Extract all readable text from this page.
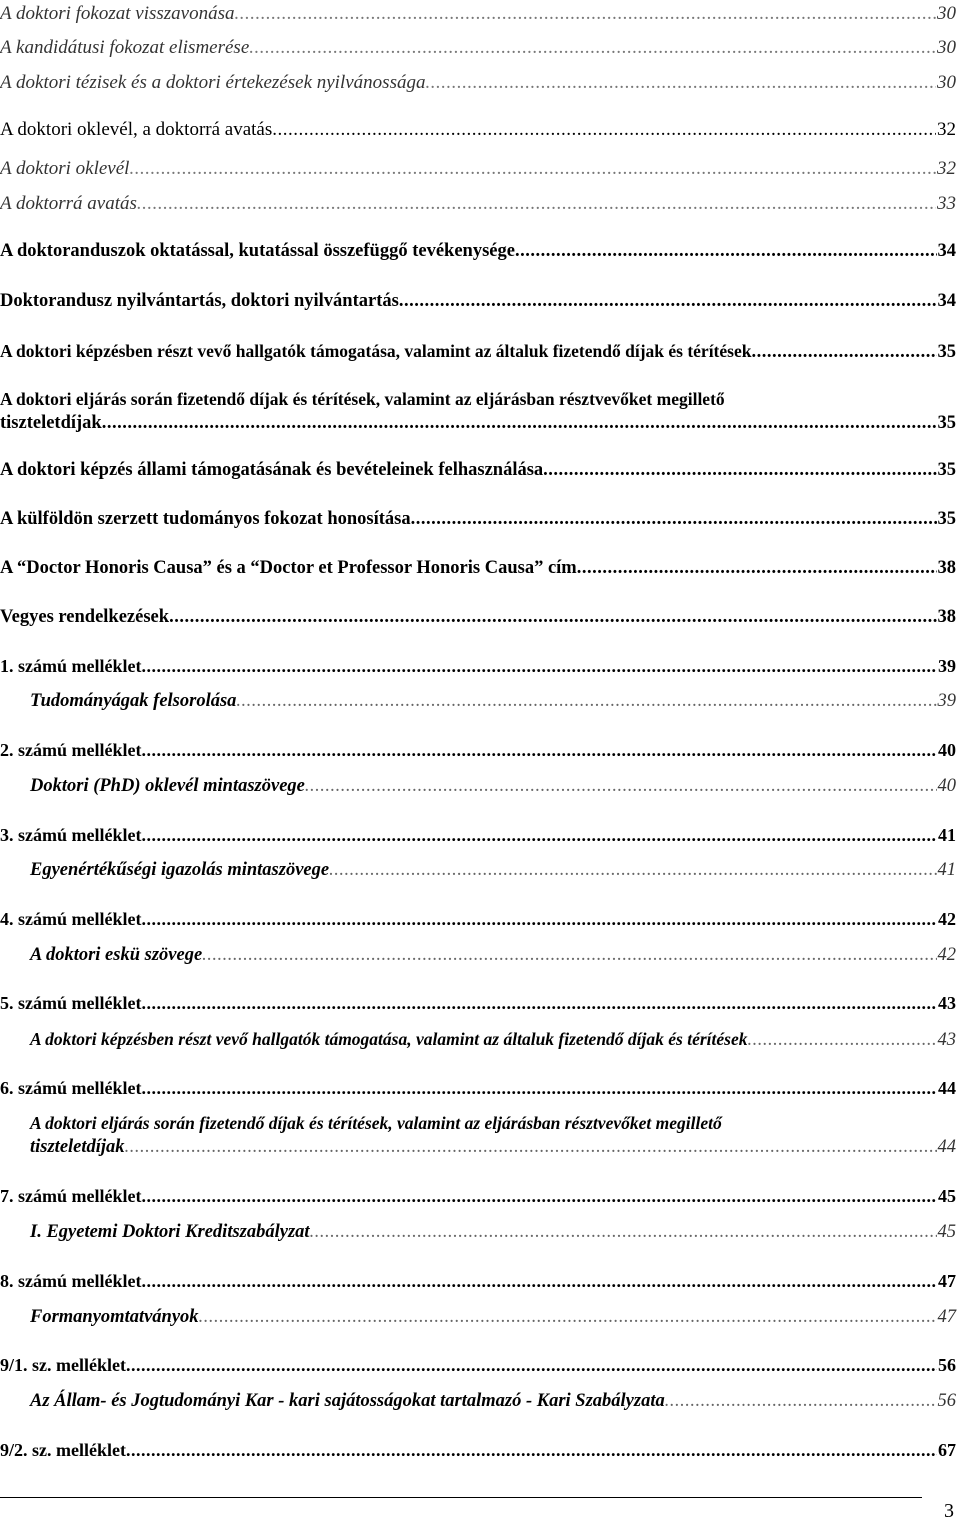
A doktori fokozat visszavonása .....	30
A kandidátusi fokozat elismerése .....	30
A doktori tézisek és a doktori értekezések nyilvánossága .....	30
A doktori oklevél, a doktorrá avatás .....	32
A doktori oklevél .....	32
A doktorrá avatás .....	33
A doktoranduszok oktatással, kutatással összefüggő tevékenysége .....	34
Doktorandusz nyilvántartás, doktori nyilvántartás .....	34
A doktori képzésben részt vevő hallgatók támogatása, valamint az általuk fizetendő díjak és térítések .....	35
A doktori eljárás során fizetendő díjak és térítések, valamint az eljárásban résztvevőket megillető
tiszteletdíjak .....	35
A doktori képzés állami támogatásának és bevételeinek felhasználása .....	35
A külföldön szerzett tudományos fokozat honosítása .....	35
A “Doctor Honoris Causa” és a “Doctor et Professor Honoris Causa” cím .....	38
Vegyes rendelkezések .....	38
1. számú melléklet .....	39
Tudományágak felsorolása .....	39
2. számú melléklet .....	40
Doktori (PhD) oklevél mintaszövege .....	40
3. számú melléklet .....	41
Egyenértékűségi igazolás mintaszövege .....	41
4. számú melléklet .....	42
A doktori eskü szövege .....	42
5. számú melléklet .....	43
A doktori képzésben részt vevő hallgatók támogatása, valamint az általuk fizetendő díjak és térítések .....	43
6. számú melléklet .....	44
A doktori eljárás során fizetendő díjak és térítések, valamint az eljárásban résztvevőket megillető
tiszteletdíjak .....	44
7. számú melléklet .....	45
I. Egyetemi Doktori Kreditszabályzat .....	45
8. számú melléklet .....	47
Formanyomtatványok .....	47
9/1. sz. melléklet .....	56
Az Állam- és Jogtudományi Kar - kari sajátosságokat tartalmazó - Kari Szabályzata .....	56
9/2. sz. melléklet .....	67
3
